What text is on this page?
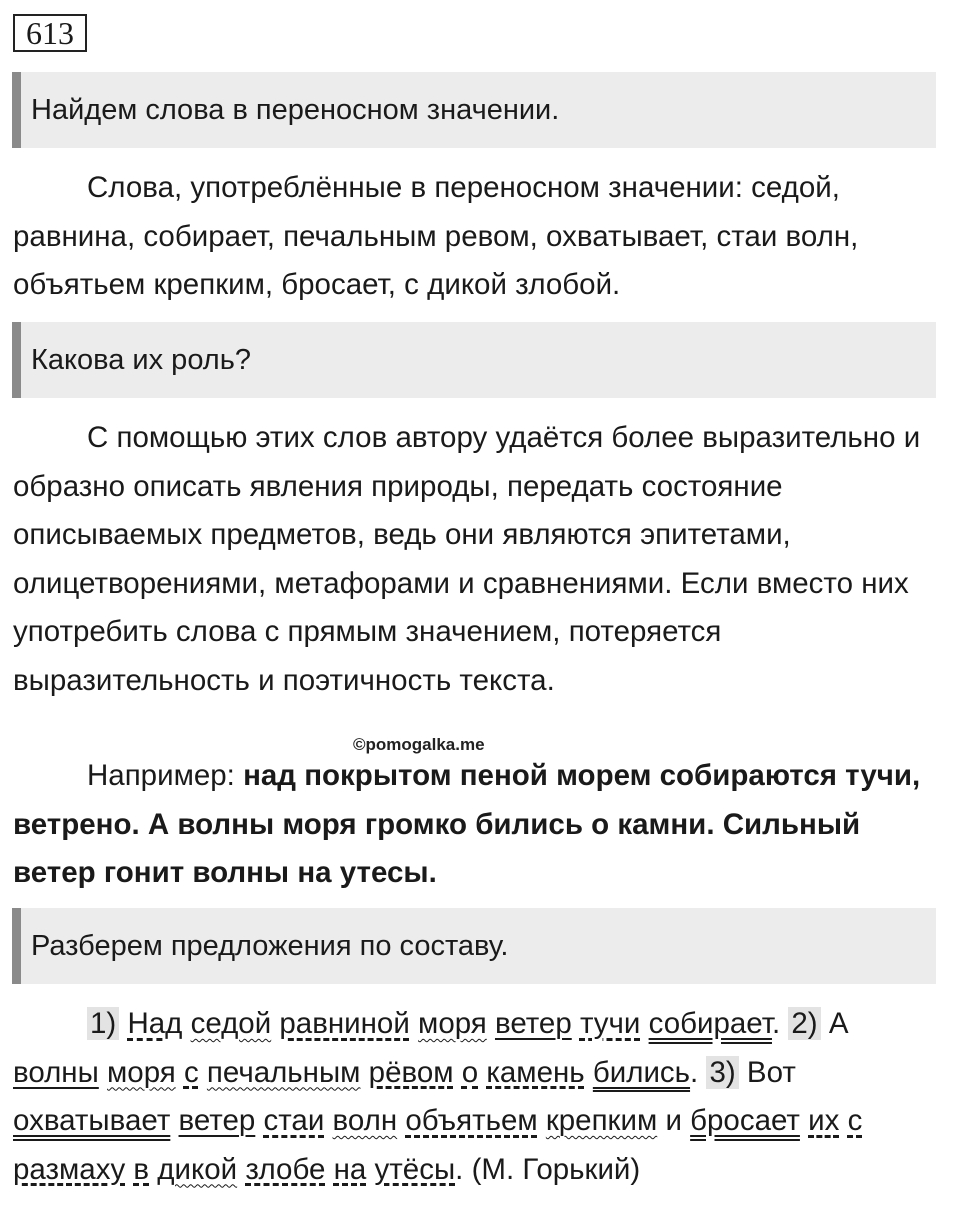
613
Найдем слова в переносном значении.

Слова, употреблённые в переносном значении: седой, равнина, собирает, печальным ревом, охватывает, стаи волн, объятьем крепким, бросает, с дикой злобой.

Какова их роль?

С помощью этих слов автору удаётся более выразительно и образно описать явления природы, передать состояние описываемых предметов, ведь они являются эпитетами, олицетворениями, метафорами и сравнениями. Если вместо них употребить слова с прямым значением, потеряется выразительность и поэтичность текста.

©pomogalka.me

Например: над покрытом пеной морем собираются тучи, ветрено. А волны моря громко бились о камни. Сильный ветер гонит волны на утесы.

Разберем предложения по составу.

1) Над седой равниной моря ветер тучи собирает. 2) А волны моря с печальным рёвом о камень бились. 3) Вот охватывает ветер стаи волн объятьем крепким и бросает их с размаху в дикой злобе на утёсы. (М. Горький)
